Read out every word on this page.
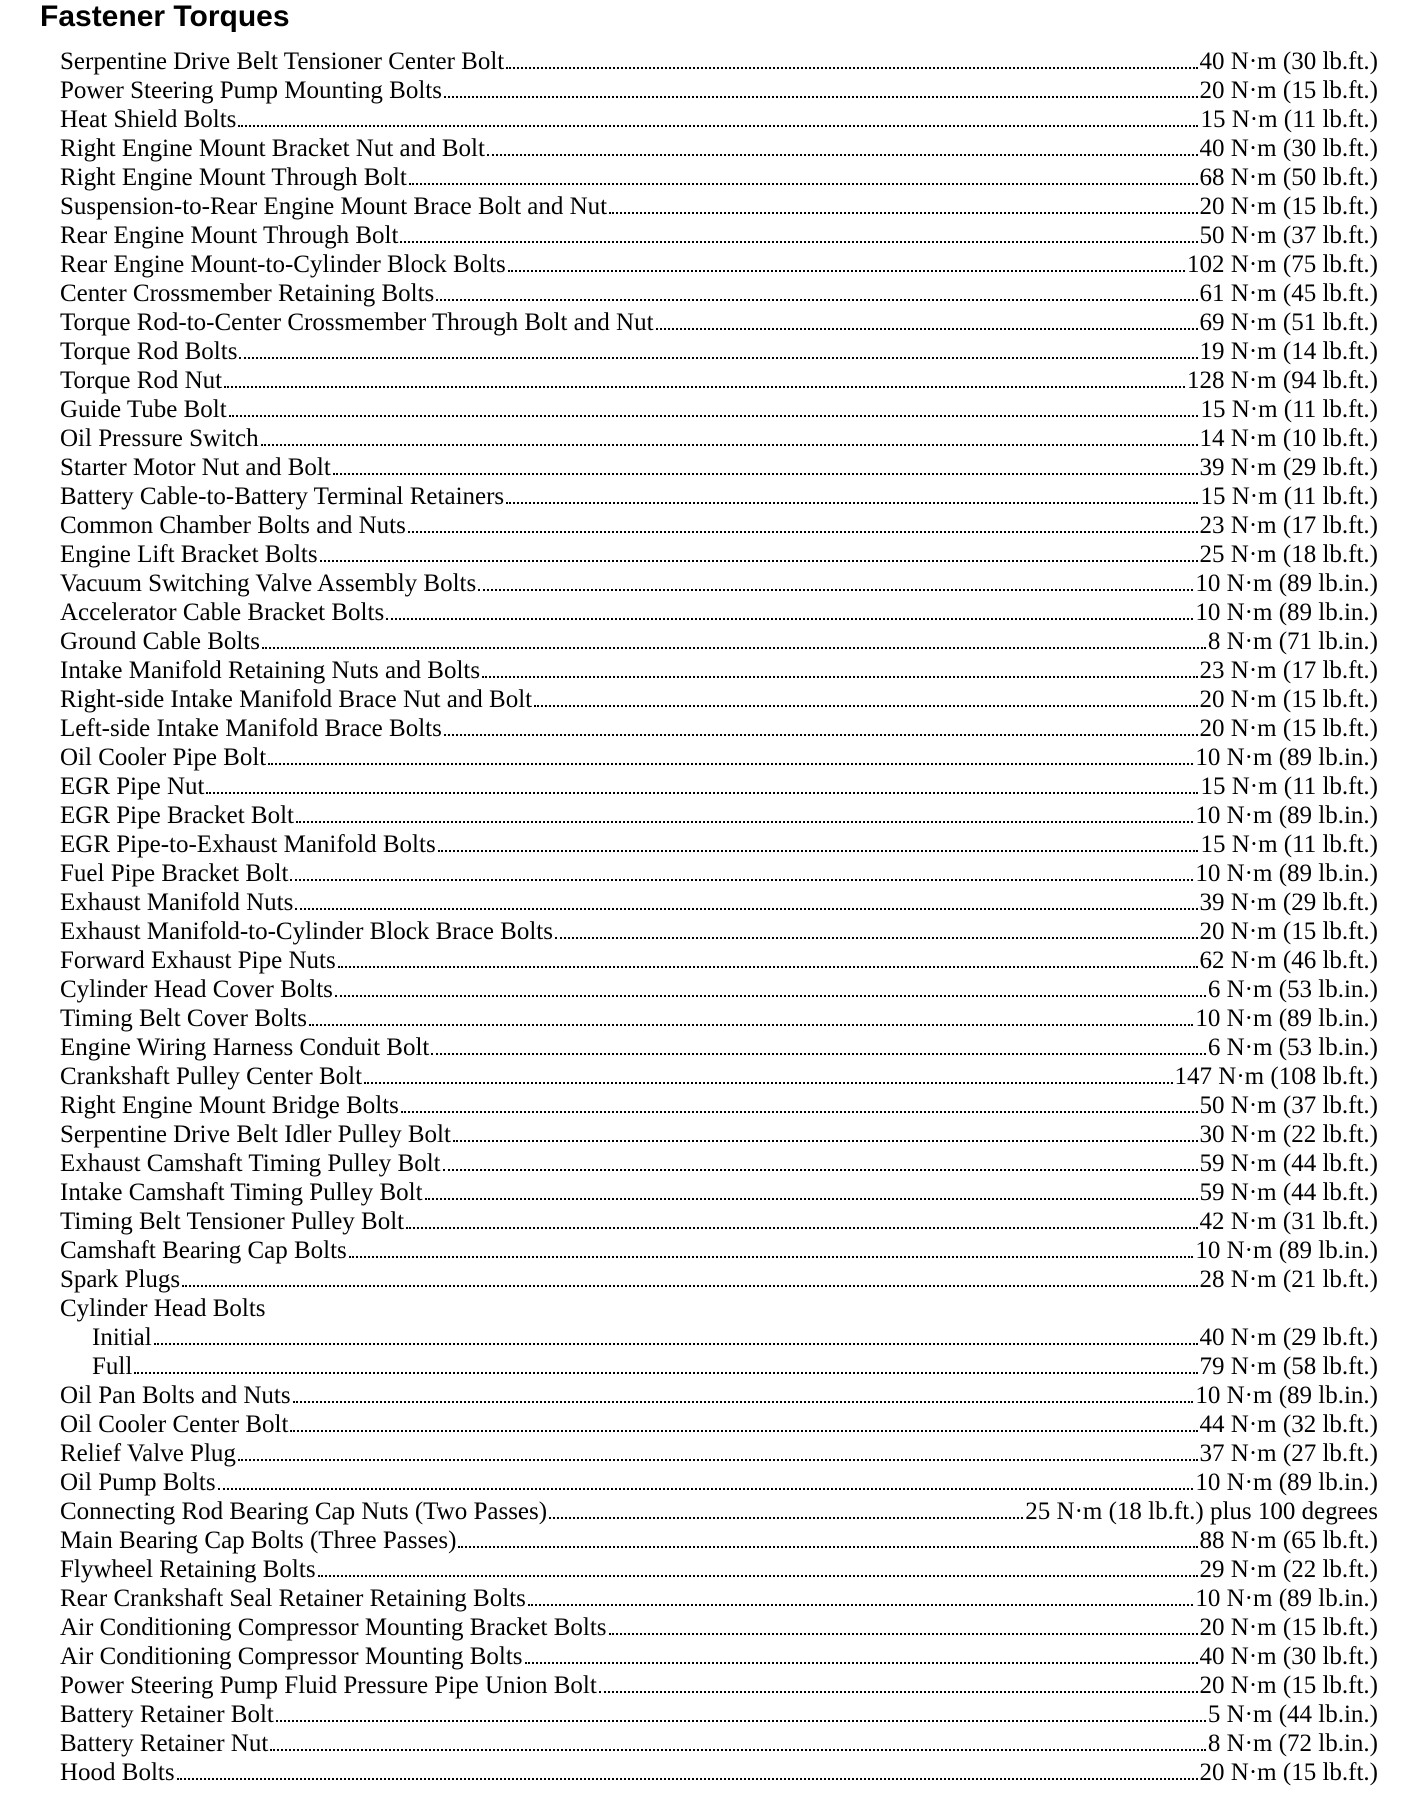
Fastener Torques
Serpentine Drive Belt Tensioner Center Bolt	40 N·m (30 lb.ft.)
Power Steering Pump Mounting Bolts	20 N·m (15 lb.ft.)
Heat Shield Bolts	15 N·m (11 lb.ft.)
Right Engine Mount Bracket Nut and Bolt	40 N·m (30 lb.ft.)
Right Engine Mount Through Bolt	68 N·m (50 lb.ft.)
Suspension-to-Rear Engine Mount Brace Bolt and Nut	20 N·m (15 lb.ft.)
Rear Engine Mount Through Bolt	50 N·m (37 lb.ft.)
Rear Engine Mount-to-Cylinder Block Bolts	102 N·m (75 lb.ft.)
Center Crossmember Retaining Bolts	61 N·m (45 lb.ft.)
Torque Rod-to-Center Crossmember Through Bolt and Nut	69 N·m (51 lb.ft.)
Torque Rod Bolts	19 N·m (14 lb.ft.)
Torque Rod Nut	128 N·m (94 lb.ft.)
Guide Tube Bolt	15 N·m (11 lb.ft.)
Oil Pressure Switch	14 N·m (10 lb.ft.)
Starter Motor Nut and Bolt	39 N·m (29 lb.ft.)
Battery Cable-to-Battery Terminal Retainers	15 N·m (11 lb.ft.)
Common Chamber Bolts and Nuts	23 N·m (17 lb.ft.)
Engine Lift Bracket Bolts	25 N·m (18 lb.ft.)
Vacuum Switching Valve Assembly Bolts	10 N·m (89 lb.in.)
Accelerator Cable Bracket Bolts	10 N·m (89 lb.in.)
Ground Cable Bolts	8 N·m (71 lb.in.)
Intake Manifold Retaining Nuts and Bolts	23 N·m (17 lb.ft.)
Right-side Intake Manifold Brace Nut and Bolt	20 N·m (15 lb.ft.)
Left-side Intake Manifold Brace Bolts	20 N·m (15 lb.ft.)
Oil Cooler Pipe Bolt	10 N·m (89 lb.in.)
EGR Pipe Nut	15 N·m (11 lb.ft.)
EGR Pipe Bracket Bolt	10 N·m (89 lb.in.)
EGR Pipe-to-Exhaust Manifold Bolts	15 N·m (11 lb.ft.)
Fuel Pipe Bracket Bolt	10 N·m (89 lb.in.)
Exhaust Manifold Nuts	39 N·m (29 lb.ft.)
Exhaust Manifold-to-Cylinder Block Brace Bolts	20 N·m (15 lb.ft.)
Forward Exhaust Pipe Nuts	62 N·m (46 lb.ft.)
Cylinder Head Cover Bolts	6 N·m (53 lb.in.)
Timing Belt Cover Bolts	10 N·m (89 lb.in.)
Engine Wiring Harness Conduit Bolt	6 N·m (53 lb.in.)
Crankshaft Pulley Center Bolt	147 N·m (108 lb.ft.)
Right Engine Mount Bridge Bolts	50 N·m (37 lb.ft.)
Serpentine Drive Belt Idler Pulley Bolt	30 N·m (22 lb.ft.)
Exhaust Camshaft Timing Pulley Bolt	59 N·m (44 lb.ft.)
Intake Camshaft Timing Pulley Bolt	59 N·m (44 lb.ft.)
Timing Belt Tensioner Pulley Bolt	42 N·m (31 lb.ft.)
Camshaft Bearing Cap Bolts	10 N·m (89 lb.in.)
Spark Plugs	28 N·m (21 lb.ft.)
Cylinder Head Bolts
Initial	40 N·m (29 lb.ft.)
Full	79 N·m (58 lb.ft.)
Oil Pan Bolts and Nuts	10 N·m (89 lb.in.)
Oil Cooler Center Bolt	44 N·m (32 lb.ft.)
Relief Valve Plug	37 N·m (27 lb.ft.)
Oil Pump Bolts	10 N·m (89 lb.in.)
Connecting Rod Bearing Cap Nuts (Two Passes)	25 N·m (18 lb.ft.) plus 100 degrees
Main Bearing Cap Bolts (Three Passes)	88 N·m (65 lb.ft.)
Flywheel Retaining Bolts	29 N·m (22 lb.ft.)
Rear Crankshaft Seal Retainer Retaining Bolts	10 N·m (89 lb.in.)
Air Conditioning Compressor Mounting Bracket Bolts	20 N·m (15 lb.ft.)
Air Conditioning Compressor Mounting Bolts	40 N·m (30 lb.ft.)
Power Steering Pump Fluid Pressure Pipe Union Bolt	20 N·m (15 lb.ft.)
Battery Retainer Bolt	5 N·m (44 lb.in.)
Battery Retainer Nut	8 N·m (72 lb.in.)
Hood Bolts	20 N·m (15 lb.ft.)
